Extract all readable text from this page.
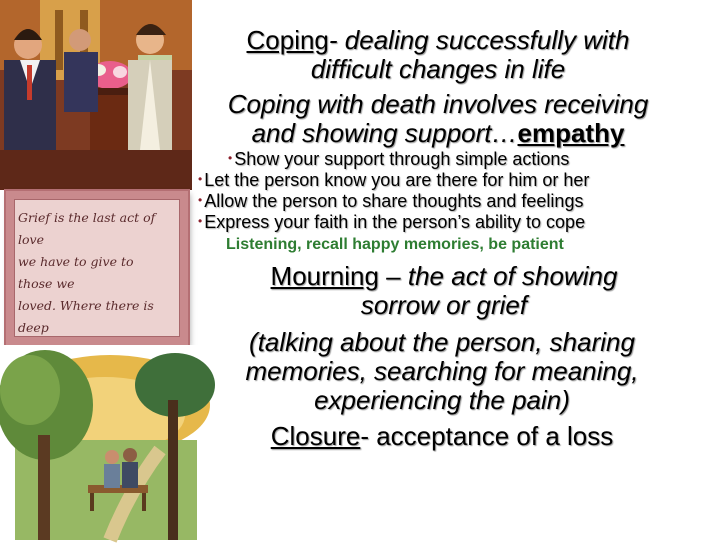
Grief is the last act of love
we have to give to those we
loved. Where there is deep
Coping- dealing successfully with
difficult changes in life
Coping with death involves receiving
and showing support…empathy
• Show your support through simple actions
• Let the person know you are there for him or her
• Allow the person to share thoughts and feelings
• Express your faith in the person’s ability to cope
Listening, recall happy memories, be patient
Mourning – the act of showing
sorrow or grief
(talking about the person, sharing
memories, searching for meaning,
experiencing the pain)
Closure- acceptance of a loss
